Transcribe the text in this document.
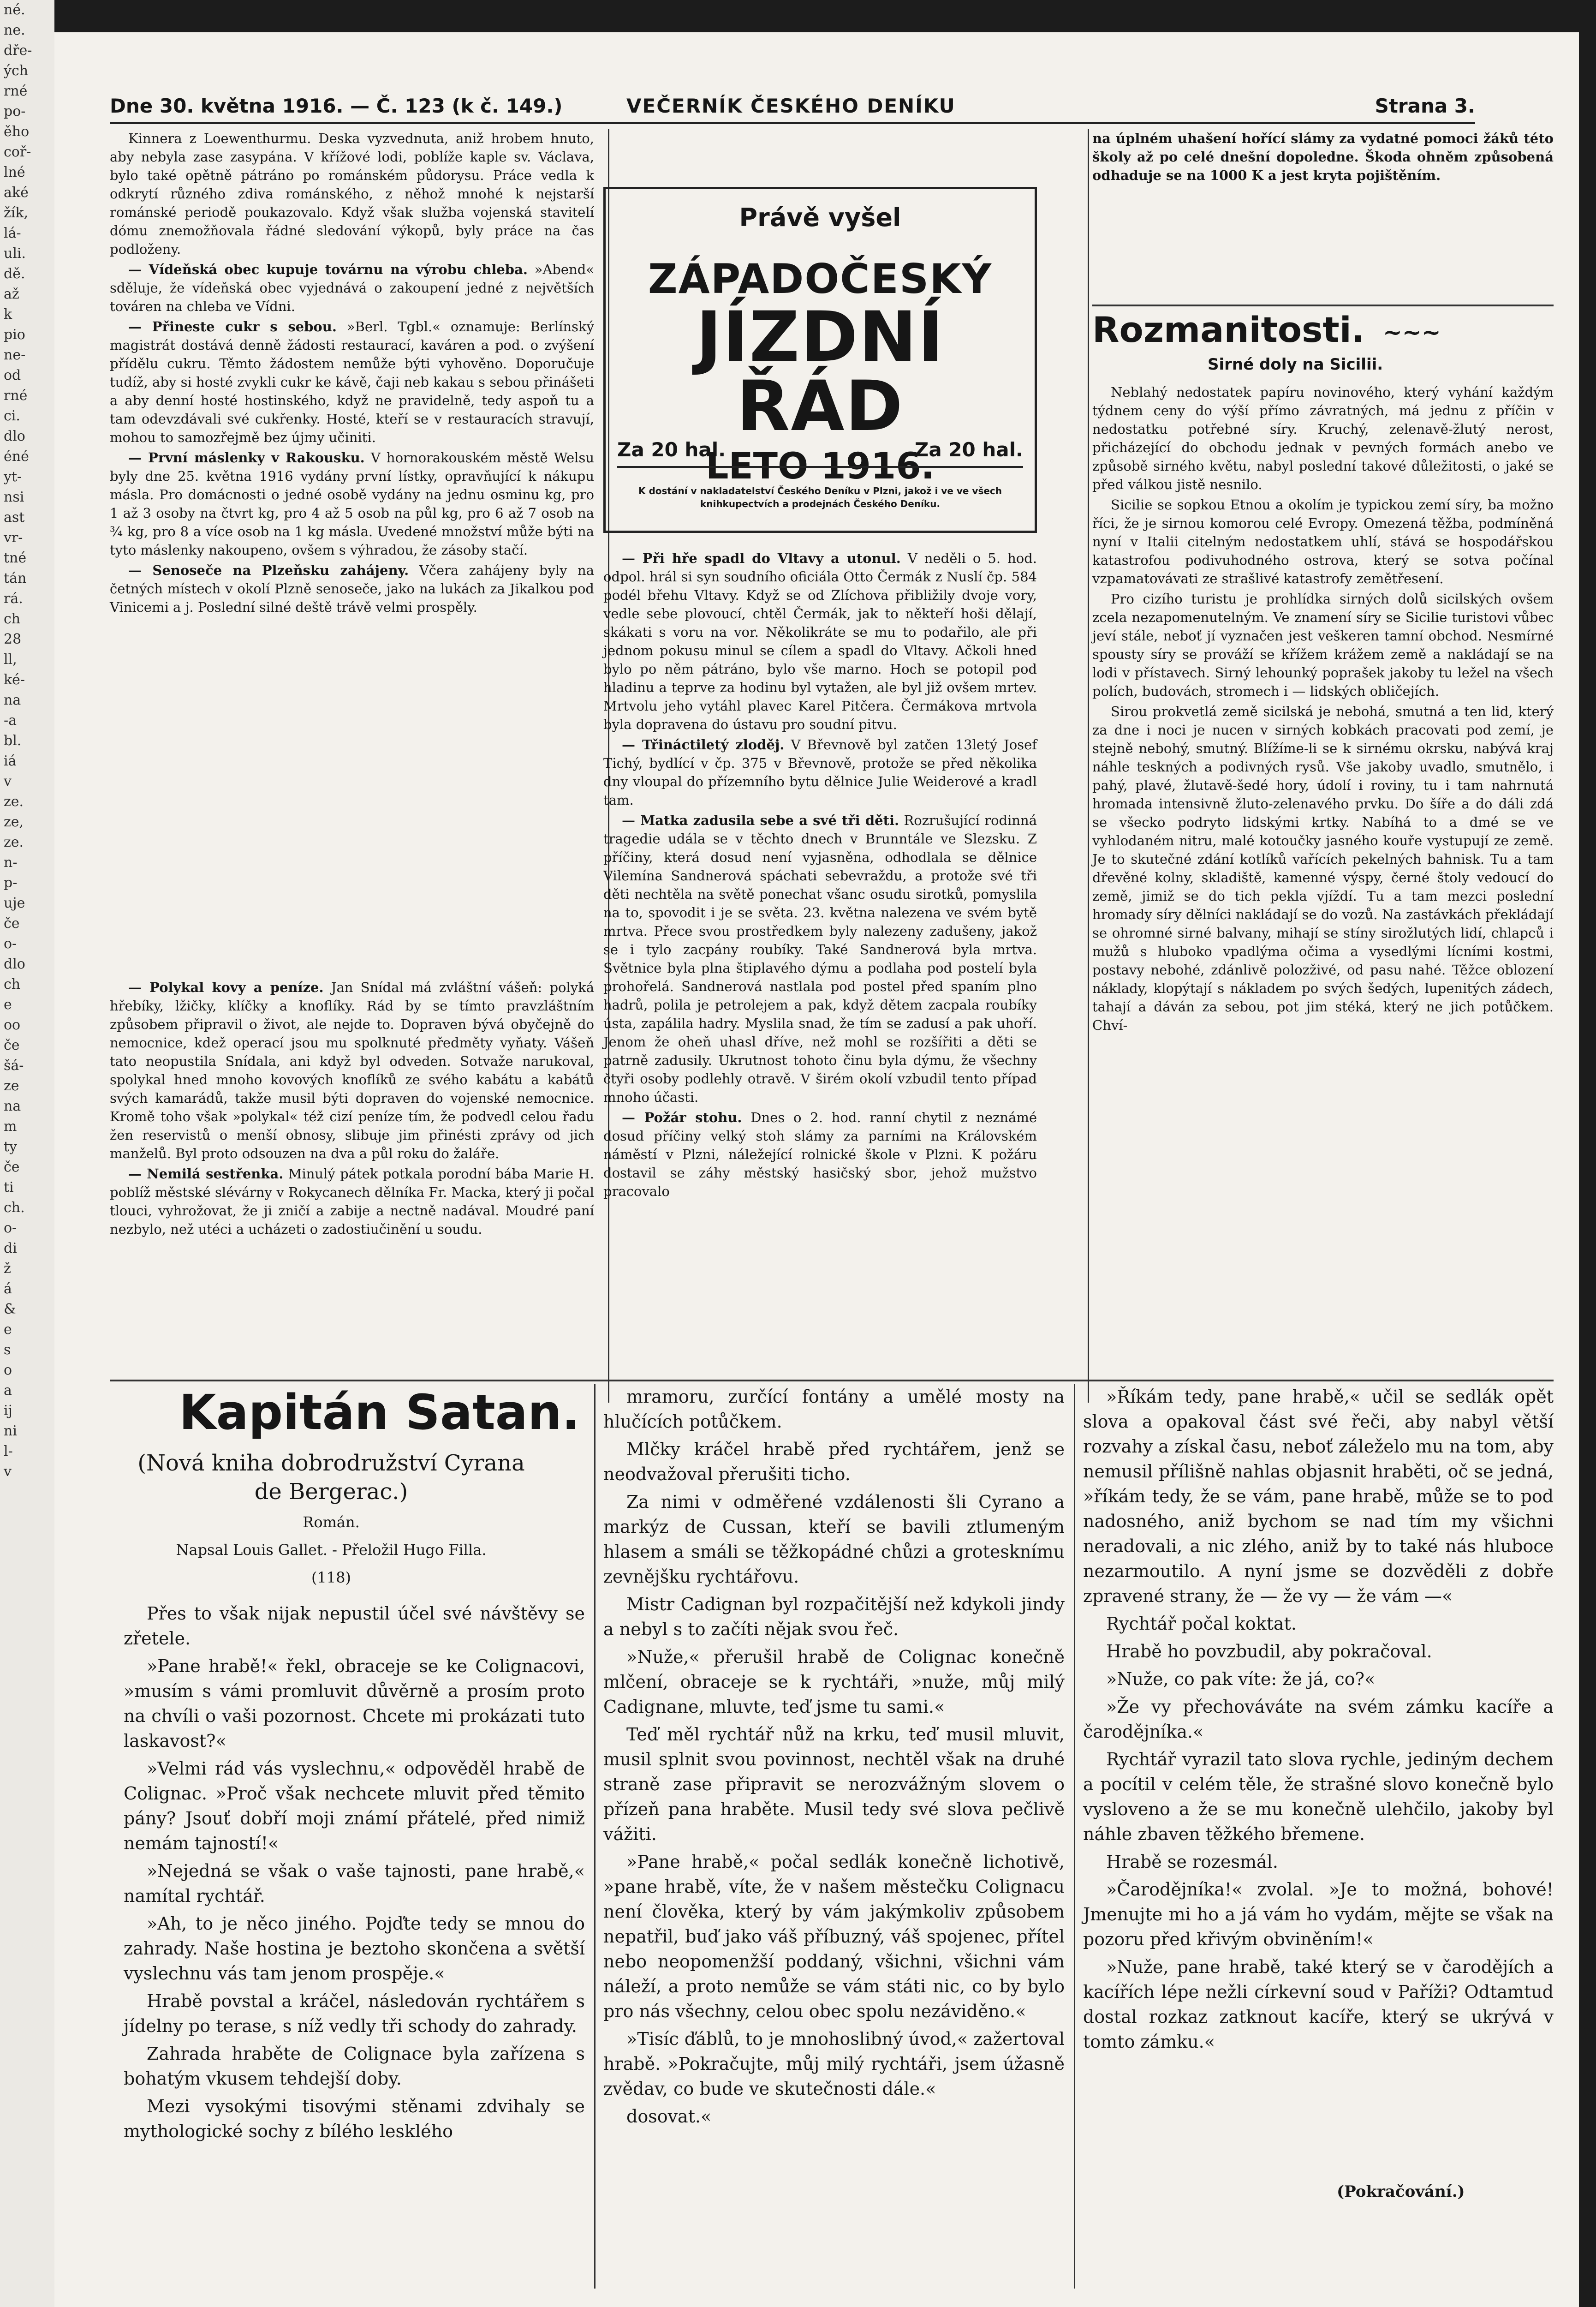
né.
ne.
dře-
ých
rné
po-
ěho
coř-
lné
aké
žík,
lá-
uli.
dě.
až
k
pio
ne-
od
rné
ci.
dlo
éné
yt-
nsi
ast
vr-
tné
tán
rá.
ch
28
ll,
ké-
na
-a
bl.
iá
v
ze.
ze,
ze.
n-
p-
uje
če
o-
dlo
ch
e
oo
če
šá-
ze
na
m
ty
če
ti
ch.
o-
di
ž
á
&
e
s
o
a
ij
ni
l-
v
Dne 30. května 1916. — Č. 123 (k č. 149.)	VEČERNÍK ČESKÉHO DENÍKU	Strana 3.

Kinnera z Loewenthurmu. Deska vyzvednuta, aniž hrobem hnuto, aby nebyla zase zasypána. V křížové lodi, poblíže kaple sv. Václava, bylo také opětně pátráno po románském půdorysu. Práce vedla k odkrytí různého zdiva románského, z něhož mnohé k nejstarší románské periodě poukazovalo. Když však služba vojenská stavitelí dómu znemožňovala řádné sledování výkopů, byly práce na čas podloženy.

— Vídeňská obec kupuje továrnu na výrobu chleba. »Abend« sděluje, že vídeňská obec vyjednává o zakoupení jedné z největších továren na chleba ve Vídni.

— Přineste cukr s sebou. »Berl. Tgbl.« oznamuje: Berlínský magistrát dostává denně žádosti restaurací, kaváren a pod. o zvýšení přídělu cukru. Těmto žádostem nemůže býti vyhověno. Doporučuje tudíž, aby si hosté zvykli cukr ke kávě, čaji neb kakau s sebou přinášeti a aby denní hosté hostinského, když ne pravidelně, tedy aspoň tu a tam odevzdávali své cukřenky. Hosté, kteří se v restauracích stravují, mohou to samozřejmě bez újmy učiniti.

— První máslenky v Rakousku. V hornorakouském městě Welsu byly dne 25. května 1916 vydány první lístky, opravňující k nákupu másla. Pro domácnosti o jedné osobě vydány na jednu osminu kg, pro 1 až 3 osoby na čtvrt kg, pro 4 až 5 osob na půl kg, pro 6 až 7 osob na ¾ kg, pro 8 a více osob na 1 kg másla. Uvedené množství může býti na tyto máslenky nakoupeno, ovšem s výhradou, že zásoby stačí.

— Senoseče na Plzeňsku zahájeny. Včera zahájeny byly na četných místech v okolí Plzně senoseče, jako na lukách za Jikalkou pod Vinicemi a j. Poslední silné deště trávě velmi prospěly.

— Polykal kovy a peníze. Jan Snídal má zvláštní vášeň: polyká hřebíky, lžičky, klíčky a knoflíky. Rád by se tímto pravzláštním způsobem připravil o život, ale nejde to. Dopraven bývá obyčejně do nemocnice, kdež operací jsou mu spolknuté předměty vyňaty. Vášeň tato neopustila Snídala, ani když byl odveden. Sotvaže narukoval, spolykal hned mnoho kovových knoflíků ze svého kabátu a kabátů svých kamarádů, takže musil býti dopraven do vojenské nemocnice. Kromě toho však »polykal« též cizí peníze tím, že podvedl celou řadu žen reservistů o menší obnosy, slibuje jim přinésti zprávy od jich manželů. Byl proto odsouzen na dva a půl roku do žaláře.

— Nemilá sestřenka. Minulý pátek potkala porodní bába Marie H. poblíž městské slévárny v Rokycanech dělníka Fr. Macka, který ji počal tlouci, vyhrožovat, že ji zničí a zabije a nectně nadával. Moudré paní nezbylo, než utéci a ucházeti o zadostiučinění u soudu.

Právě vyšel
ZÁPADOČESKÝ
JÍZDNÍ ŘÁD
LETO 1916.
Za 20 hal.	Za 20 hal.
K dostání v nakladatelství Českého Deníku v Plzni, jakož i ve ve všech knihkupectvích a prodejnách Českého Deníku.

— Při hře spadl do Vltavy a utonul. V neděli o 5. hod. odpol. hrál si syn soudního oficiála Otto Čermák z Nuslí čp. 584 podél břehu Vltavy. Když se od Zlíchova přibližily dvoje vory, vedle sebe plovoucí, chtěl Čermák, jak to někteří hoši dělají, skákati s voru na vor. Několikráte se mu to podařilo, ale při jednom pokusu minul se cílem a spadl do Vltavy. Ačkoli hned bylo po něm pátráno, bylo vše marno. Hoch se potopil pod hladinu a teprve za hodinu byl vytažen, ale byl již ovšem mrtev. Mrtvolu jeho vytáhl plavec Karel Pitčera. Čermákova mrtvola byla dopravena do ústavu pro soudní pitvu.

— Třináctiletý zloděj. V Břevnově byl zatčen 13letý Josef Tichý, bydlící v čp. 375 v Břevnově, protože se před několika dny vloupal do přízemního bytu dělnice Julie Weiderové a kradl tam.

— Matka zadusila sebe a své tři děti. Rozrušující rodinná tragedie udála se v těchto dnech v Brunntále ve Slezsku. Z příčiny, která dosud není vyjasněna, odhodlala se dělnice Vilemína Sandnerová spáchati sebevraždu, a protože své tři děti nechtěla na světě ponechat všanc osudu sirotků, pomyslila na to, spovodit i je se světa. 23. května nalezena ve svém bytě mrtva. Přece svou prostředkem byly nalezeny zadušeny, jakož se i tylo zacpány roubíky. Také Sandnerová byla mrtva. Světnice byla plna štiplavého dýmu a podlaha pod postelí byla prohořelá. Sandnerová nastlala pod postel před spaním plno hadrů, polila je petrolejem a pak, když dětem zacpala roubíky ústa, zapálila hadry. Myslila snad, že tím se zadusí a pak uhoří. Jenom že oheň uhasl dříve, než mohl se rozšířiti a děti se patrně zadusily. Ukrutnost tohoto činu byla dýmu, že všechny čtyři osoby podlehly otravě. V širém okolí vzbudil tento případ mnoho účasti.

— Požár stohu. Dnes o 2. hod. ranní chytil z neznámé dosud příčiny velký stoh slámy za parními na Královském náměstí v Plzni, náležející rolnické škole v Plzni. K požáru dostavil se záhy městský hasičský sbor, jehož mužstvo pracovalo

na úplném uhašení hořící slámy za vydatné pomoci žáků této školy až po celé dnešní dopoledne. Škoda ohněm způsobená odhaduje se na 1000 K a jest kryta pojištěním.

Rozmanitosti. ~~~
Sirné doly na Sicilii.

Neblahý nedostatek papíru novinového, který vyhání každým týdnem ceny do výší přímo závratných, má jednu z příčin v nedostatku potřebné síry. Kruchý, zelenavě-žlutý nerost, přicházející do obchodu jednak v pevných formách anebo ve způsobě sirného květu, nabyl poslední takové důležitosti, o jaké se před válkou jistě nesnilo.

Sicilie se sopkou Etnou a okolím je typickou zemí síry, ba možno říci, že je sirnou komorou celé Evropy. Omezená těžba, podmíněná nyní v Italii citelným nedostatkem uhlí, stává se hospodářskou katastrofou podivuhodného ostrova, který se sotva počínal vzpamatovávati ze strašlivé katastrofy zemětřesení.

Pro cizího turistu je prohlídka sirných dolů sicilských ovšem zcela nezapomenutelným. Ve znamení síry se Sicilie turistovi vůbec jeví stále, neboť jí vyznačen jest veškeren tamní obchod. Nesmírné spousty síry se prováží se křížem krážem země a nakládají se na lodi v přístavech. Sirný lehounký poprašek jakoby tu ležel na všech polích, budovách, stromech i — lidských obličejích.

Sirou prokvetlá země sicilská je nebohá, smutná a ten lid, který za dne i noci je nucen v sirných kobkách pracovati pod zemí, je stejně nebohý, smutný. Blížíme-li se k sirnému okrsku, nabývá kraj náhle teskných a podivných rysů. Vše jakoby uvadlo, smutnělo, i pahý, plavé, žlutavě-šedé hory, údolí i roviny, tu i tam nahrnutá hromada intensivně žluto-zelenavého prvku. Do šíře a do dáli zdá se všecko podryto lidskými krtky. Nabíhá to a dmé se ve vyhlodaném nitru, malé kotoučky jasného kouře vystupují ze země. Je to skutečné zdání kotlíků vařících pekelných bahnisk. Tu a tam dřevěné kolny, skladiště, kamenné výspy, černé štoly vedoucí do země, jimiž se do tich pekla vjíždí. Tu a tam mezci poslední hromady síry dělníci nakládají se do vozů. Na zastávkách překládají se ohromné sirné balvany, mihají se stíny sirožlutých lidí, chlapců i mužů s hluboko vpadlýma očima a vysedlými lícními kostmi, postavy nebohé, zdánlivě polozživé, od pasu nahé. Těžce oblození náklady, klopýtají s nákladem po svých šedých, lupenitých zádech, tahají a dáván za sebou, pot jim stéká, který ne jich potůčkem. Chví-

Kapitán Satan.
(Nová kniha dobrodružství Cyrana de Bergerac.)
Román.
Napsal Louis Gallet. - Přeložil Hugo Filla.
(118)

Přes to však nijak nepustil účel své návštěvy se zřetele.

»Pane hrabě!« řekl, obraceje se ke Colignacovi, »musím s vámi promluvit důvěrně a prosím proto na chvíli o vaši pozornost. Chcete mi prokázati tuto laskavost?«

»Velmi rád vás vyslechnu,« odpověděl hrabě de Colignac. »Proč však nechcete mluvit před těmito pány? Jsouť dobří moji známí přátelé, před nimiž nemám tajností!«

»Nejedná se však o vaše tajnosti, pane hrabě,« namítal rychtář.

»Ah, to je něco jiného. Pojďte tedy se mnou do zahrady. Naše hostina je beztoho skončena a světší vyslechnu vás tam jenom prospěje.«

Hrabě povstal a kráčel, následován rychtářem s jídelny po terase, s níž vedly tři schody do zahrady.

Zahrada hraběte de Colignace byla zařízena s bohatým vkusem tehdejší doby.

Mezi vysokými tisovými stěnami zdvihaly se mythologické sochy z bílého lesklého

mramoru, zurčící fontány a umělé mosty na hlučících potůčkem.

Mlčky kráčel hrabě před rychtářem, jenž se neodvažoval přerušiti ticho.

Za nimi v odměřené vzdálenosti šli Cyrano a markýz de Cussan, kteří se bavili ztlumeným hlasem a smáli se těžkopádné chůzi a grotesknímu zevnějšku rychtářovu.

Mistr Cadignan byl rozpačitější než kdykoli jindy a nebyl s to začíti nějak svou řeč.

»Nuže,« přerušil hrabě de Colignac konečně mlčení, obraceje se k rychtáři, »nuže, můj milý Cadignane, mluvte, teď jsme tu sami.«

Teď měl rychtář nůž na krku, teď musil mluvit, musil splnit svou povinnost, nechtěl však na druhé straně zase připravit se nerozvážným slovem o přízeň pana hraběte. Musil tedy své slova pečlivě vážiti.

»Pane hrabě,« počal sedlák konečně lichotivě, »pane hrabě, víte, že v našem městečku Colignacu není člověka, který by vám jakýmkoliv způsobem nepatřil, buď jako váš příbuzný, váš spojenec, přítel nebo neopomenžší poddaný, všichni, všichni vám náleží, a proto nemůže se vám státi nic, co by bylo pro nás všechny, celou obec spolu nezáviděno.«

»Tisíc ďáblů, to je mnohoslibný úvod,« zažertoval hrabě. »Pokračujte, můj milý rychtáři, jsem úžasně zvědav, co bude ve skutečnosti dále.«

dosovat.«

»Říkám tedy, pane hrabě,« učil se sedlák opět slova a opakoval část své řeči, aby nabyl větší rozvahy a získal času, neboť záleželo mu na tom, aby nemusil přílišně nahlas objasnit hraběti, oč se jedná, »říkám tedy, že se vám, pane hrabě, může se to pod nadosného, aniž bychom se nad tím my všichni neradovali, a nic zlého, aniž by to také nás hluboce nezarmoutilo. A nyní jsme se dozvěděli z dobře zpravené strany, že — že vy — že vám —«

Rychtář počal koktat.

Hrabě ho povzbudil, aby pokračoval.

»Nuže, co pak víte: že já, co?«

»Že vy přechováváte na svém zámku kacíře a čarodějníka.«

Rychtář vyrazil tato slova rychle, jediným dechem a pocítil v celém těle, že strašné slovo konečně bylo vysloveno a že se mu konečně ulehčilo, jakoby byl náhle zbaven těžkého břemene.

Hrabě se rozesmál.

»Čarodějníka!« zvolal. »Je to možná, bohové! Jmenujte mi ho a já vám ho vydám, mějte se však na pozoru před křivým obviněním!«

»Nuže, pane hrabě, také který se v čarodějích a kacířích lépe nežli církevní soud v Paříži? Odtamtud dostal rozkaz zatknout kacíře, který se ukrývá v tomto zámku.«

(Pokračování.)
